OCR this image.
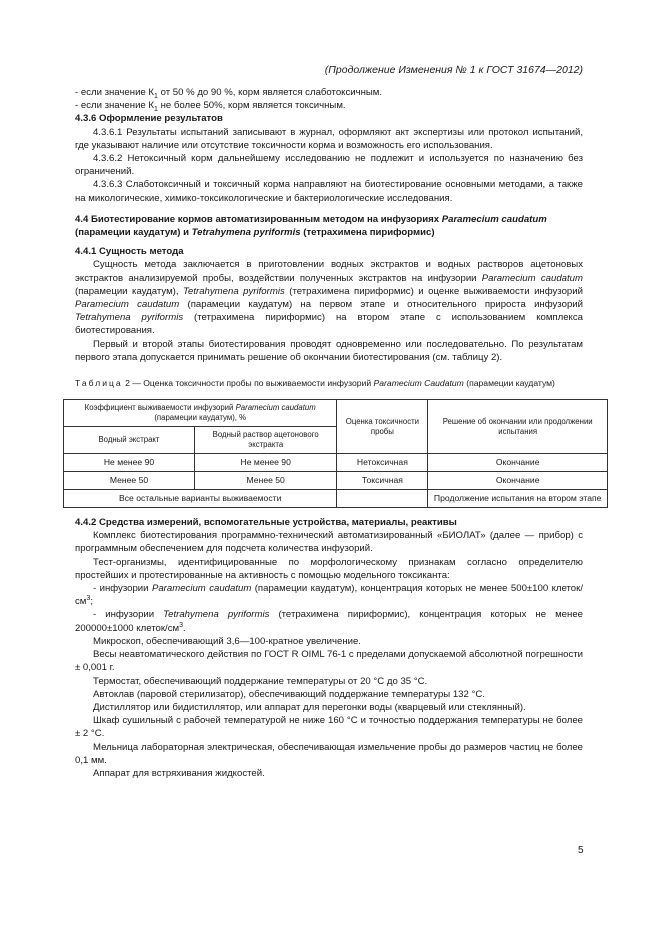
(Продолжение Изменения № 1 к ГОСТ 31674—2012)

- если значение $К_1$ от 50 % до 90 %, корм является слаботоксичным.

- если значение $К_1$ не более 50%, корм является токсичным.

4.3.6 Оформление результатов

4.3.6.1 Результаты испытаний записывают в журнал, оформляют акт экспертизы или протокол испытаний, где указывают наличие или отсутствие токсичности корма и возможность его использования.

4.3.6.2 Нетоксичный корм дальнейшему исследованию не подлежит и используется по назначению без ограничений.

4.3.6.3 Слаботоксичный и токсичный корма направляют на биотестирование основными методами, а также на микологические, химико-токсикологические и бактериологические исследования.

4.4 Биотестирование кормов автоматизированным методом на инфузориях Paramecium caudatum (парамеции каудатум) и Tetrahymena pyriformis (тетрахимена пириформис)

4.4.1 Сущность метода

Сущность метода заключается в приготовлении водных экстрактов и водных растворов ацетоновых экстрактов анализируемой пробы, воздействии полученных экстрактов на инфузории Paramecium caudatum (парамеции каудатум), Tetrahymena pyriformis (тетрахимена пириформис) и оценке выживаемости инфузорий Paramecium caudatum (парамеции каудатум) на первом этапе и относительного прироста инфузорий Tetrahymena pyriformis (тетрахимена пириформис) на втором этапе с использованием комплекса биотестирования.

Первый и второй этапы биотестирования проводят одновременно или последовательно. По результатам первого этапа допускается принимать решение об окончании биотестирования (см. таблицу 2).

Таблица 2 — Оценка токсичности пробы по выживаемости инфузорий Paramecium Caudatum (парамеции каудатум)

Коэффициент выживаемости инфузорий Paramecium caudatum (парамеции каудатум), %		Оценка токсичности пробы	Решение об окончании или продолжении испытания
Водный экстракт	Водный раствор ацетонового экстракта		
Не менее 90	Не менее 90	Нетоксичная	Окончание
Менее 50	Менее 50	Токсичная	Окончание
Все остальные варианты выживаемости			Продолжение испытания на втором этапе

4.4.2 Средства измерений, вспомогательные устройства, материалы, реактивы

Комплекс биотестирования программно-технический автоматизированный «БИОЛАТ» (далее — прибор) с программным обеспечением для подсчета количества инфузорий.

Тест-организмы, идентифицированные по морфологическому признакам согласно определителю простейших и протестированные на активность с помощью модельного токсиканта:

- инфузории Paramecium caudatum (парамеции каудатум), концентрация которых не менее 500±100 клеток/$см^3$;

- инфузории Tetrahymena pyriformis (тетрахимена пириформис), концентрация которых не менее 200000±1000 клеток/$см^3$.

Микроскоп, обеспечивающий 3,6—100-кратное увеличение.

Весы неавтоматического действия по ГОСТ R OIML 76-1 с пределами допускаемой абсолютной погрешности ± 0,001 г.

Термостат, обеспечивающий поддержание температуры от 20 °С до 35 °С.

Автоклав (паровой стерилизатор), обеспечивающий поддержание температуры 132 °С.

Дистиллятор или бидистиллятор, или аппарат для перегонки воды (кварцевый или стеклянный).

Шкаф сушильный с рабочей температурой не ниже 160 °С и точностью поддержания температуры не более ± 2 °С.

Мельница лабораторная электрическая, обеспечивающая измельчение пробы до размеров частиц не более 0,1 мм.

Аппарат для встряхивания жидкостей.

5
